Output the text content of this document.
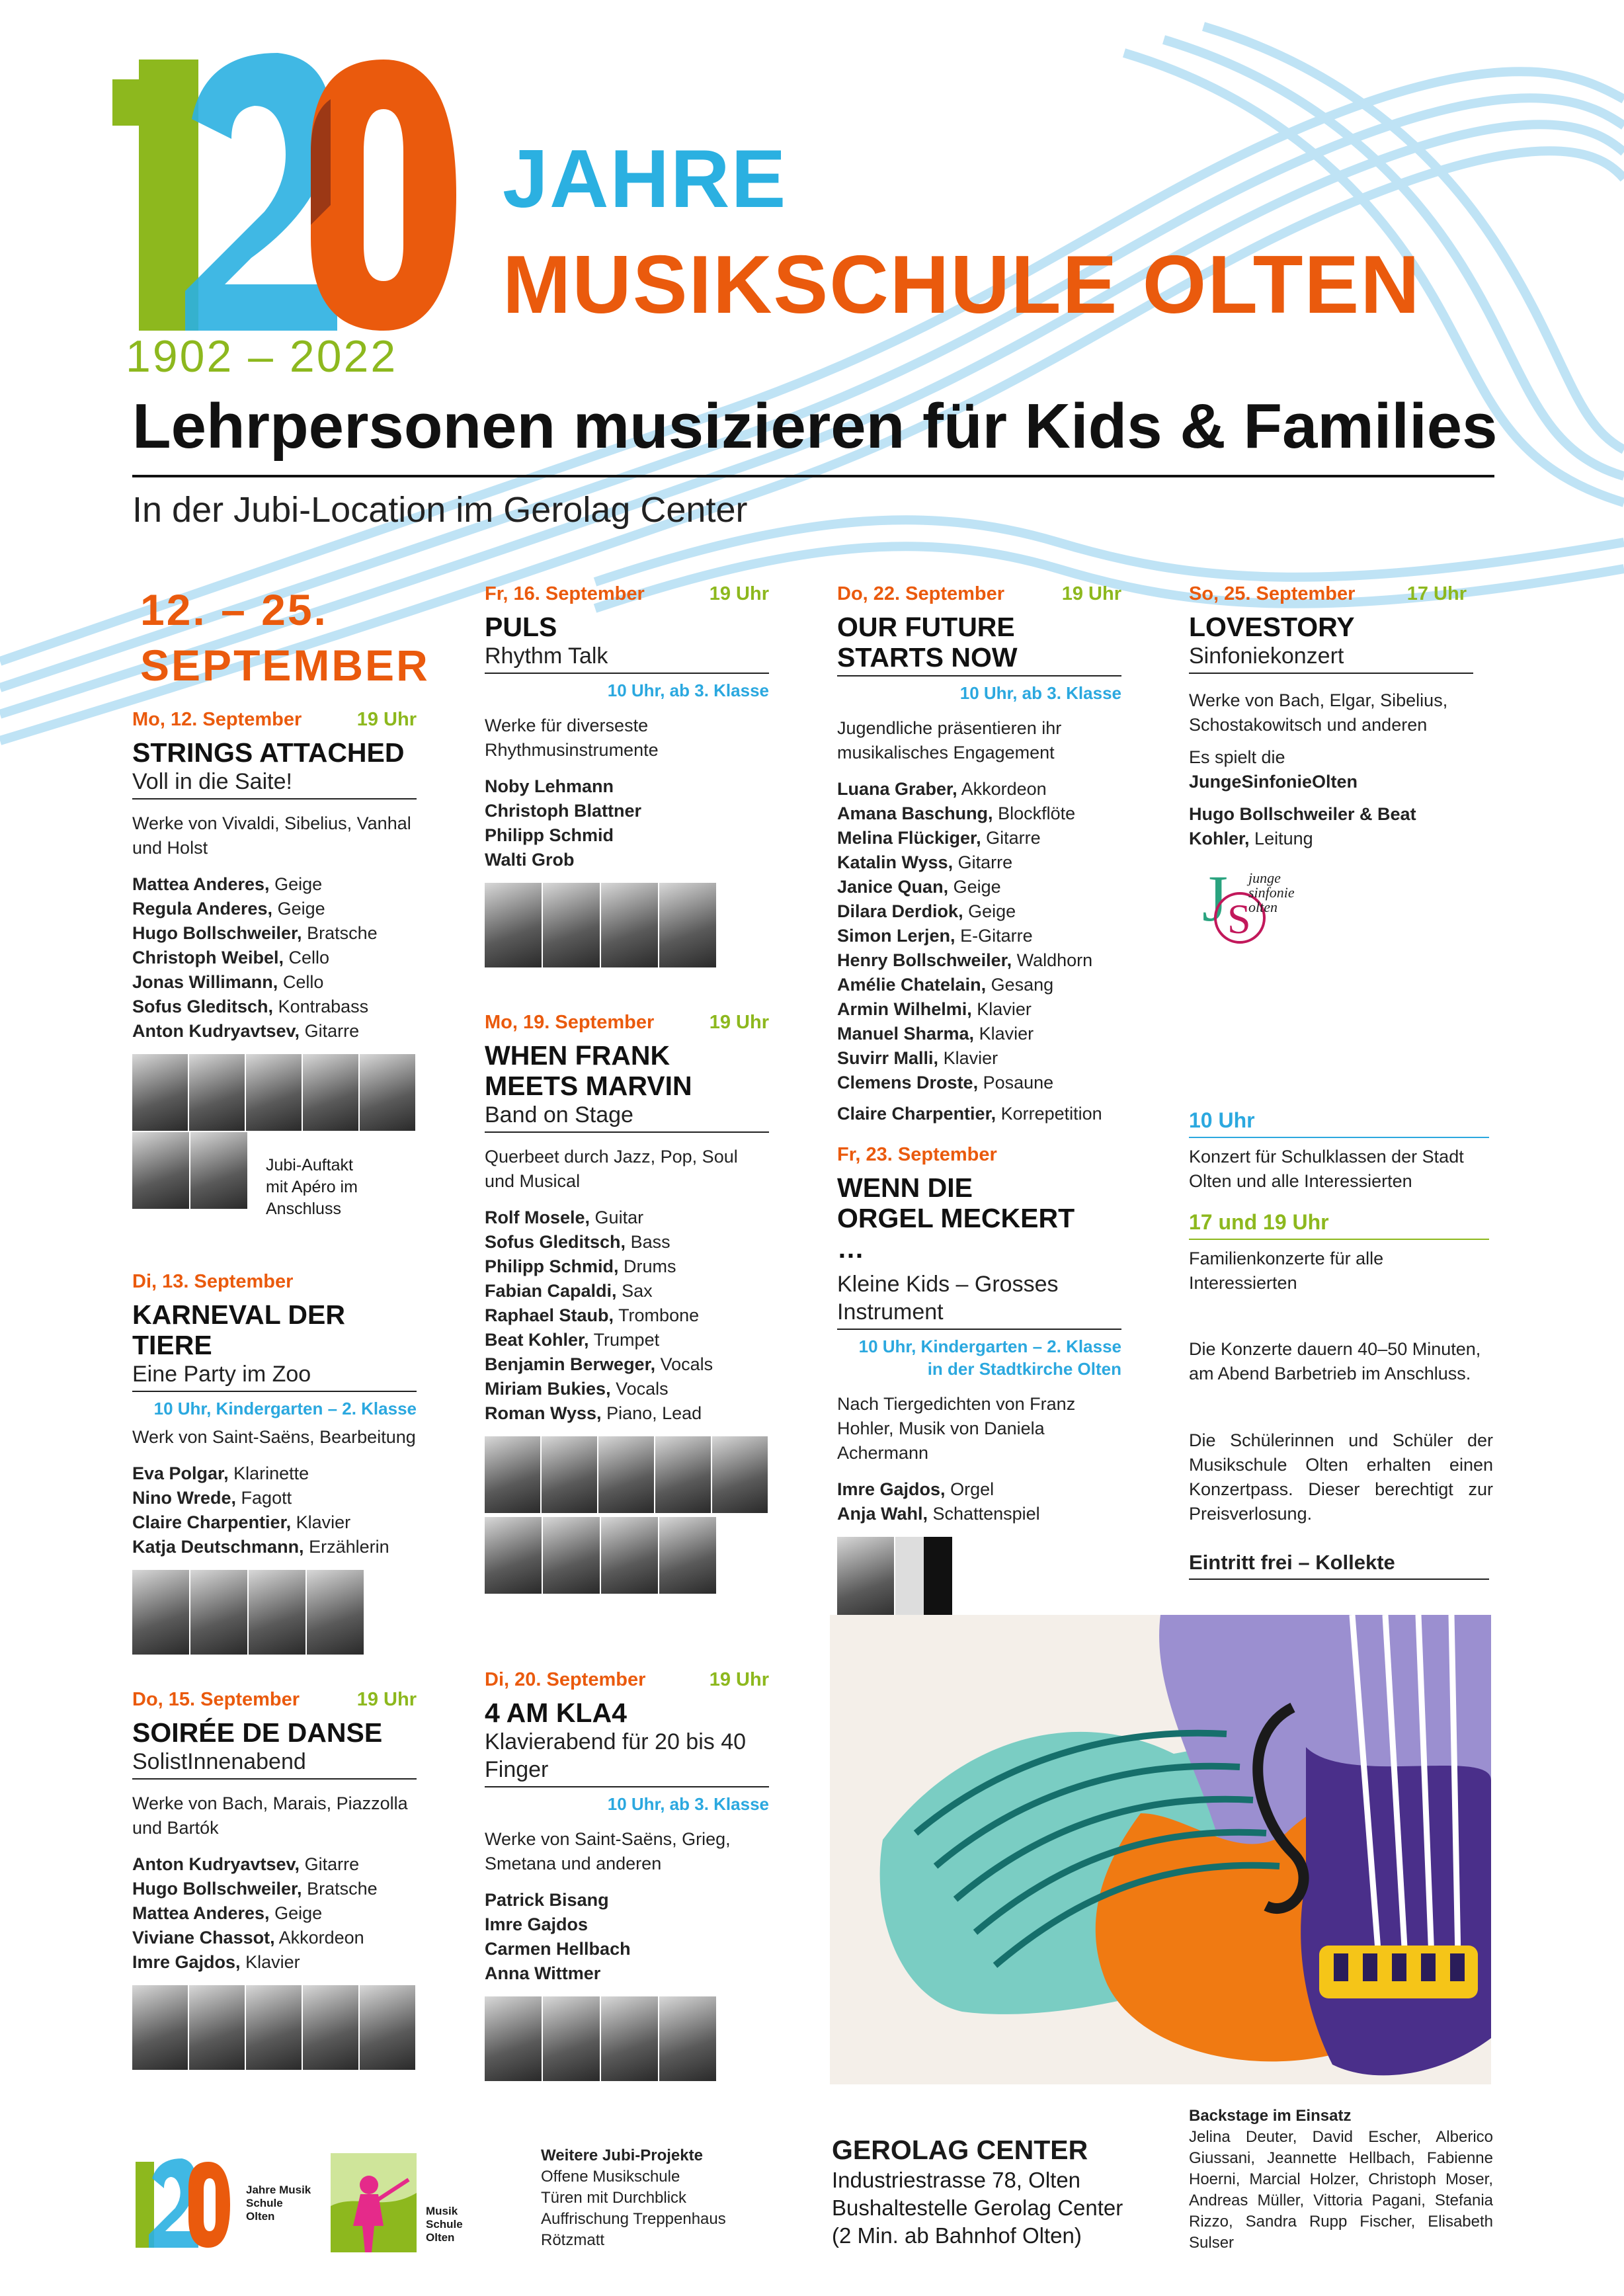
1902 – 2022
JAHRE
MUSIKSCHULE OLTEN
Lehrpersonen musizieren für Kids & Families
In der Jubi-Location im Gerolag Center
12. – 25.
SEPTEMBER
Mo, 12. September	19 Uhr
STRINGS ATTACHED
Voll in die Saite!
Werke von Vivaldi, Sibelius, Vanhal und Holst
Mattea Anderes, Geige
Regula Anderes, Geige
Hugo Bollschweiler, Bratsche
Christoph Weibel, Cello
Jonas Willimann, Cello
Sofus Gleditsch, Kontrabass
Anton Kudryavtsev, Gitarre
Jubi-Auftakt mit Apéro im Anschluss
Di, 13. September
KARNEVAL DER TIERE
Eine Party im Zoo
10 Uhr, Kindergarten – 2. Klasse
Werk von Saint-Saëns, Bearbeitung
Eva Polgar, Klarinette
Nino Wrede, Fagott
Claire Charpentier, Klavier
Katja Deutschmann, Erzählerin
Do, 15. September	19 Uhr
SOIRÉE DE DANSE
SolistInnenabend
Werke von Bach, Marais, Piazzolla und Bartók
Anton Kudryavtsev, Gitarre
Hugo Bollschweiler, Bratsche
Mattea Anderes, Geige
Viviane Chassot, Akkordeon
Imre Gajdos, Klavier
Fr, 16. September	19 Uhr
PULS
Rhythm Talk
10 Uhr, ab 3. Klasse
Werke für diverseste Rhythmusinstrumente
Noby Lehmann
Christoph Blattner
Philipp Schmid
Walti Grob
Mo, 19. September	19 Uhr
WHEN FRANK MEETS MARVIN
Band on Stage
Querbeet durch Jazz, Pop, Soul und Musical
Rolf Mosele, Guitar
Sofus Gleditsch, Bass
Philipp Schmid, Drums
Fabian Capaldi, Sax
Raphael Staub, Trombone
Beat Kohler, Trumpet
Benjamin Berweger, Vocals
Miriam Bukies, Vocals
Roman Wyss, Piano, Lead
Di, 20. September	19 Uhr
4 AM KLA4
Klavierabend für 20 bis 40 Finger
10 Uhr, ab 3. Klasse
Werke von Saint-Saëns, Grieg, Smetana und anderen
Patrick Bisang
Imre Gajdos
Carmen Hellbach
Anna Wittmer
Do, 22. September	19 Uhr
OUR FUTURE STARTS NOW
10 Uhr, ab 3. Klasse
Jugendliche präsentieren ihr musikalisches Engagement
Luana Graber, Akkordeon
Amana Baschung, Blockflöte
Melina Flückiger, Gitarre
Katalin Wyss, Gitarre
Janice Quan, Geige
Dilara Derdiok, Geige
Simon Lerjen, E-Gitarre
Henry Bollschweiler, Waldhorn
Amélie Chatelain, Gesang
Armin Wilhelmi, Klavier
Manuel Sharma, Klavier
Suvirr Malli, Klavier
Clemens Droste, Posaune
Claire Charpentier, Korrepetition
Fr, 23. September
WENN DIE ORGEL MECKERT …
Kleine Kids – Grosses Instrument
10 Uhr, Kindergarten – 2. Klasse
in der Stadtkirche Olten
Nach Tiergedichten von Franz Hohler, Musik von Daniela Achermann
Imre Gajdos, Orgel
Anja Wahl, Schattenspiel
So, 25. September	17 Uhr
LOVESTORY
Sinfoniekonzert
Werke von Bach, Elgar, Sibelius, Schostakowitsch und anderen
Es spielt die
JungeSinfonieOlten
Hugo Bollschweiler & Beat Kohler, Leitung
J S
junge sinfonie olten
10 Uhr
Konzert für Schulklassen der Stadt Olten und alle Interessierten
17 und 19 Uhr
Familienkonzerte für alle Interessierten
Die Konzerte dauern 40–50 Minuten, am Abend Barbetrieb im Anschluss.
Die Schülerinnen und Schüler der Musikschule Olten erhalten einen Konzertpass. Dieser berechtigt zur Preisverlosung.
Eintritt frei – Kollekte
Jahre Musik Schule Olten	Musik Schule Olten
Weitere Jubi-Projekte
Offene Musikschule
Türen mit Durchblick
Auffrischung Treppenhaus
Rötzmatt
GEROLAG CENTER
Industriestrasse 78, Olten
Bushaltestelle Gerolag Center
(2 Min. ab Bahnhof Olten)
Backstage im Einsatz
Jelina Deuter, David Escher, Alberico Giussani, Jeannette Hellbach, Fabienne Hoerni, Marcial Holzer, Christoph Moser, Andreas Müller, Vittoria Pagani, Stefania Rizzo, Sandra Rupp Fischer, Elisabeth Sulser
